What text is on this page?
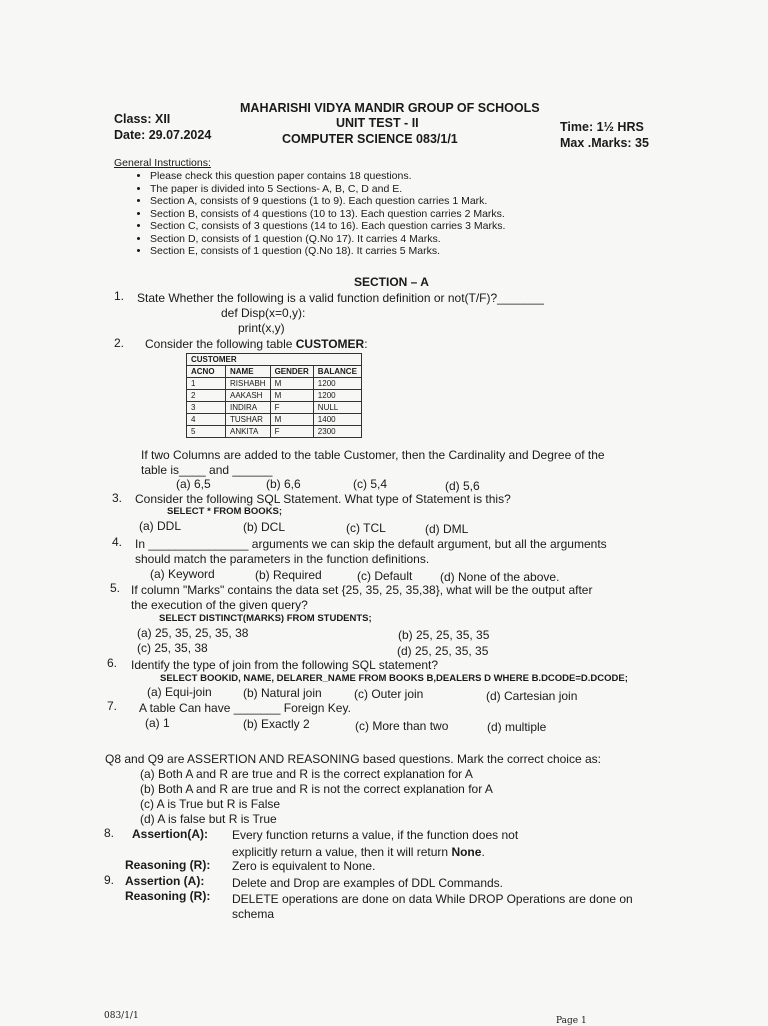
MAHARISHI VIDYA MANDIR GROUP OF SCHOOLS
UNIT TEST - II
COMPUTER SCIENCE 083/1/1
Class: XII
Date: 29.07.2024
Time: 1½ HRS
Max .Marks: 35
General Instructions:
• Please check this question paper contains 18 questions.
• The paper is divided into 5 Sections- A, B, C, D and E.
• Section A, consists of 9 questions (1 to 9). Each question carries 1 Mark.
• Section B, consists of 4 questions (10 to 13). Each question carries 2 Marks.
• Section C, consists of 3 questions (14 to 16). Each question carries 3 Marks.
• Section D, consists of 1 question (Q.No 17). It carries 4 Marks.
• Section E, consists of 1 question (Q.No 18). It carries 5 Marks.
SECTION – A
1. State Whether the following is a valid function definition or not(T/F)?_______
def Disp(x=0,y):
print(x,y)
2. Consider the following table CUSTOMER:
CUSTOMER			
ACNO	NAME	GENDER	BALANCE
1	RISHABH	M	1200
2	AAKASH	M	1200
3	INDIRA	F	NULL
4	TUSHAR	M	1400
5	ANKITA	F	2300
If two Columns are added to the table Customer, then the Cardinality and Degree of the
table is____ and ______
(a) 6,5	(b) 6,6	(c) 5,4	(d) 5,6
3. Consider the following SQL Statement. What type of Statement is this?
SELECT * FROM BOOKS;
(a) DDL	(b) DCL	(c) TCL	(d) DML
4. In _______________ arguments we can skip the default argument, but all the arguments
should match the parameters in the function definitions.
(a) Keyword	(b) Required	(c) Default (d) None of the above.
5. If column "Marks" contains the data set {25, 35, 25, 35,38}, what will be the output after
the execution of the given query?
SELECT DISTINCT(MARKS) FROM STUDENTS;
(a) 25, 35, 25, 35, 38	(b) 25, 25, 35, 35
(c) 25, 35, 38	(d) 25, 25, 35, 35
6. Identify the type of join from the following SQL statement?
SELECT BOOKID, NAME, DELARER_NAME FROM BOOKS B,DEALERS D WHERE B.DCODE=D.DCODE;
(a) Equi-join	(b) Natural join	(c) Outer join	(d) Cartesian join
7. A table Can have _______ Foreign Key.
(a) 1	(b) Exactly 2	(c) More than two	(d) multiple
Q8 and Q9 are ASSERTION AND REASONING based questions. Mark the correct choice as:
(a) Both A and R are true and R is the correct explanation for A
(b) Both A and R are true and R is not the correct explanation for A
(c) A is True but R is False
(d) A is false but R is True
8. Assertion(A): Every function returns a value, if the function does not
explicitly return a value, then it will return None.
Reasoning (R): Zero is equivalent to None.
9. Assertion (A): Delete and Drop are examples of DDL Commands.
Reasoning (R): DELETE operations are done on data While DROP Operations are done on
schema
083/1/1	Page 1
